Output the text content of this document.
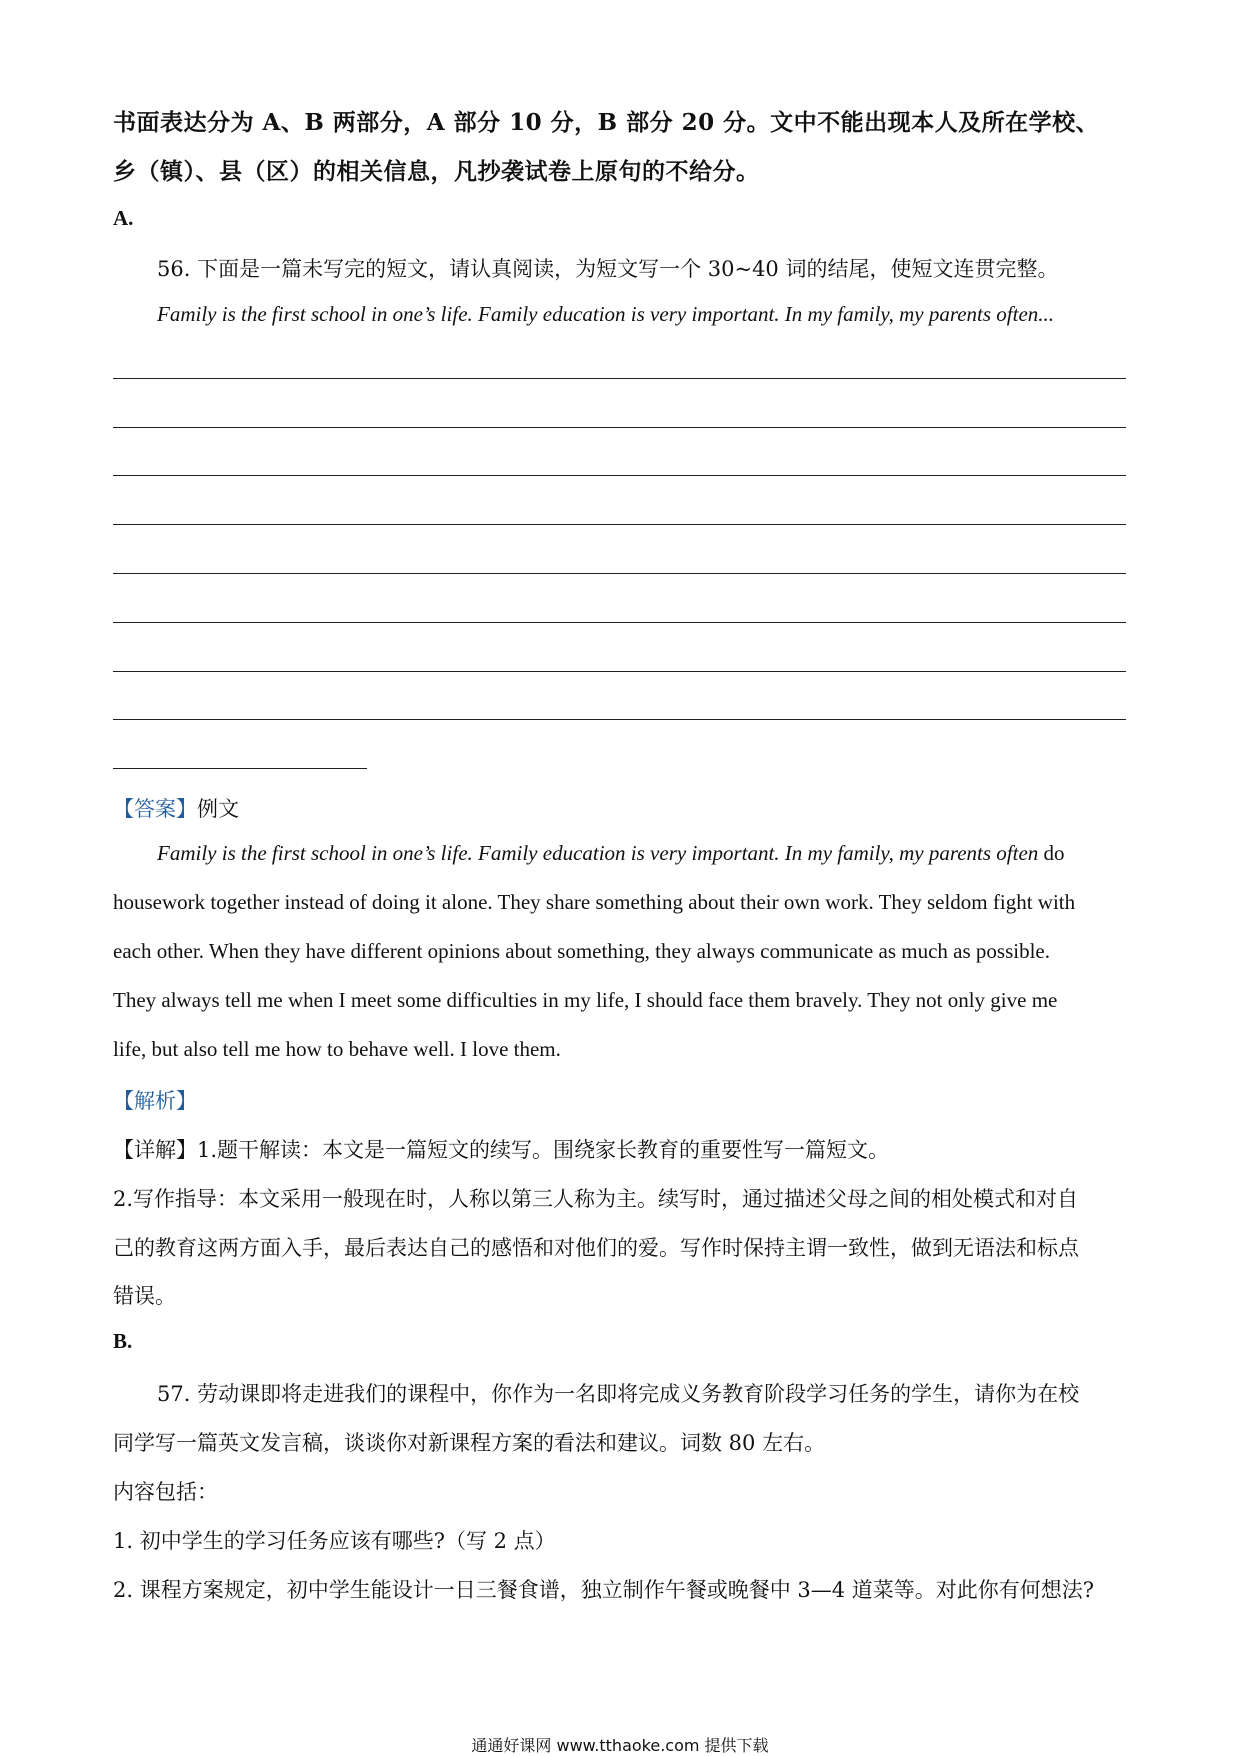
书面表达分为 A、B 两部分，A 部分 10 分，B 部分 20 分。文中不能出现本人及所在学校、
乡（镇）、县（区）的相关信息，凡抄袭试卷上原句的不给分。
A.
56. 下面是一篇未写完的短文，请认真阅读，为短文写一个 30~40 词的结尾，使短文连贯完整。
Family is the first school in one’s life. Family education is very important. In my family, my parents often...
【答案】例文
Family is the first school in one’s life. Family education is very important. In my family, my parents often do
housework together instead of doing it alone. They share something about their own work. They seldom fight with
each other. When they have different opinions about something, they always communicate as much as possible.
They always tell me when I meet some difficulties in my life, I should face them bravely. They not only give me
life, but also tell me how to behave well. I love them.
【解析】
【详解】1.题干解读：本文是一篇短文的续写。围绕家长教育的重要性写一篇短文。
2.写作指导：本文采用一般现在时，人称以第三人称为主。续写时，通过描述父母之间的相处模式和对自
己的教育这两方面入手，最后表达自己的感悟和对他们的爱。写作时保持主谓一致性，做到无语法和标点
错误。
B.
57. 劳动课即将走进我们的课程中，你作为一名即将完成义务教育阶段学习任务的学生，请你为在校
同学写一篇英文发言稿，谈谈你对新课程方案的看法和建议。词数 80 左右。
内容包括：
1. 初中学生的学习任务应该有哪些?（写 2 点）
2. 课程方案规定，初中学生能设计一日三餐食谱，独立制作午餐或晚餐中 3—4 道菜等。对此你有何想法?
通通好课网 www.tthaoke.com 提供下载
